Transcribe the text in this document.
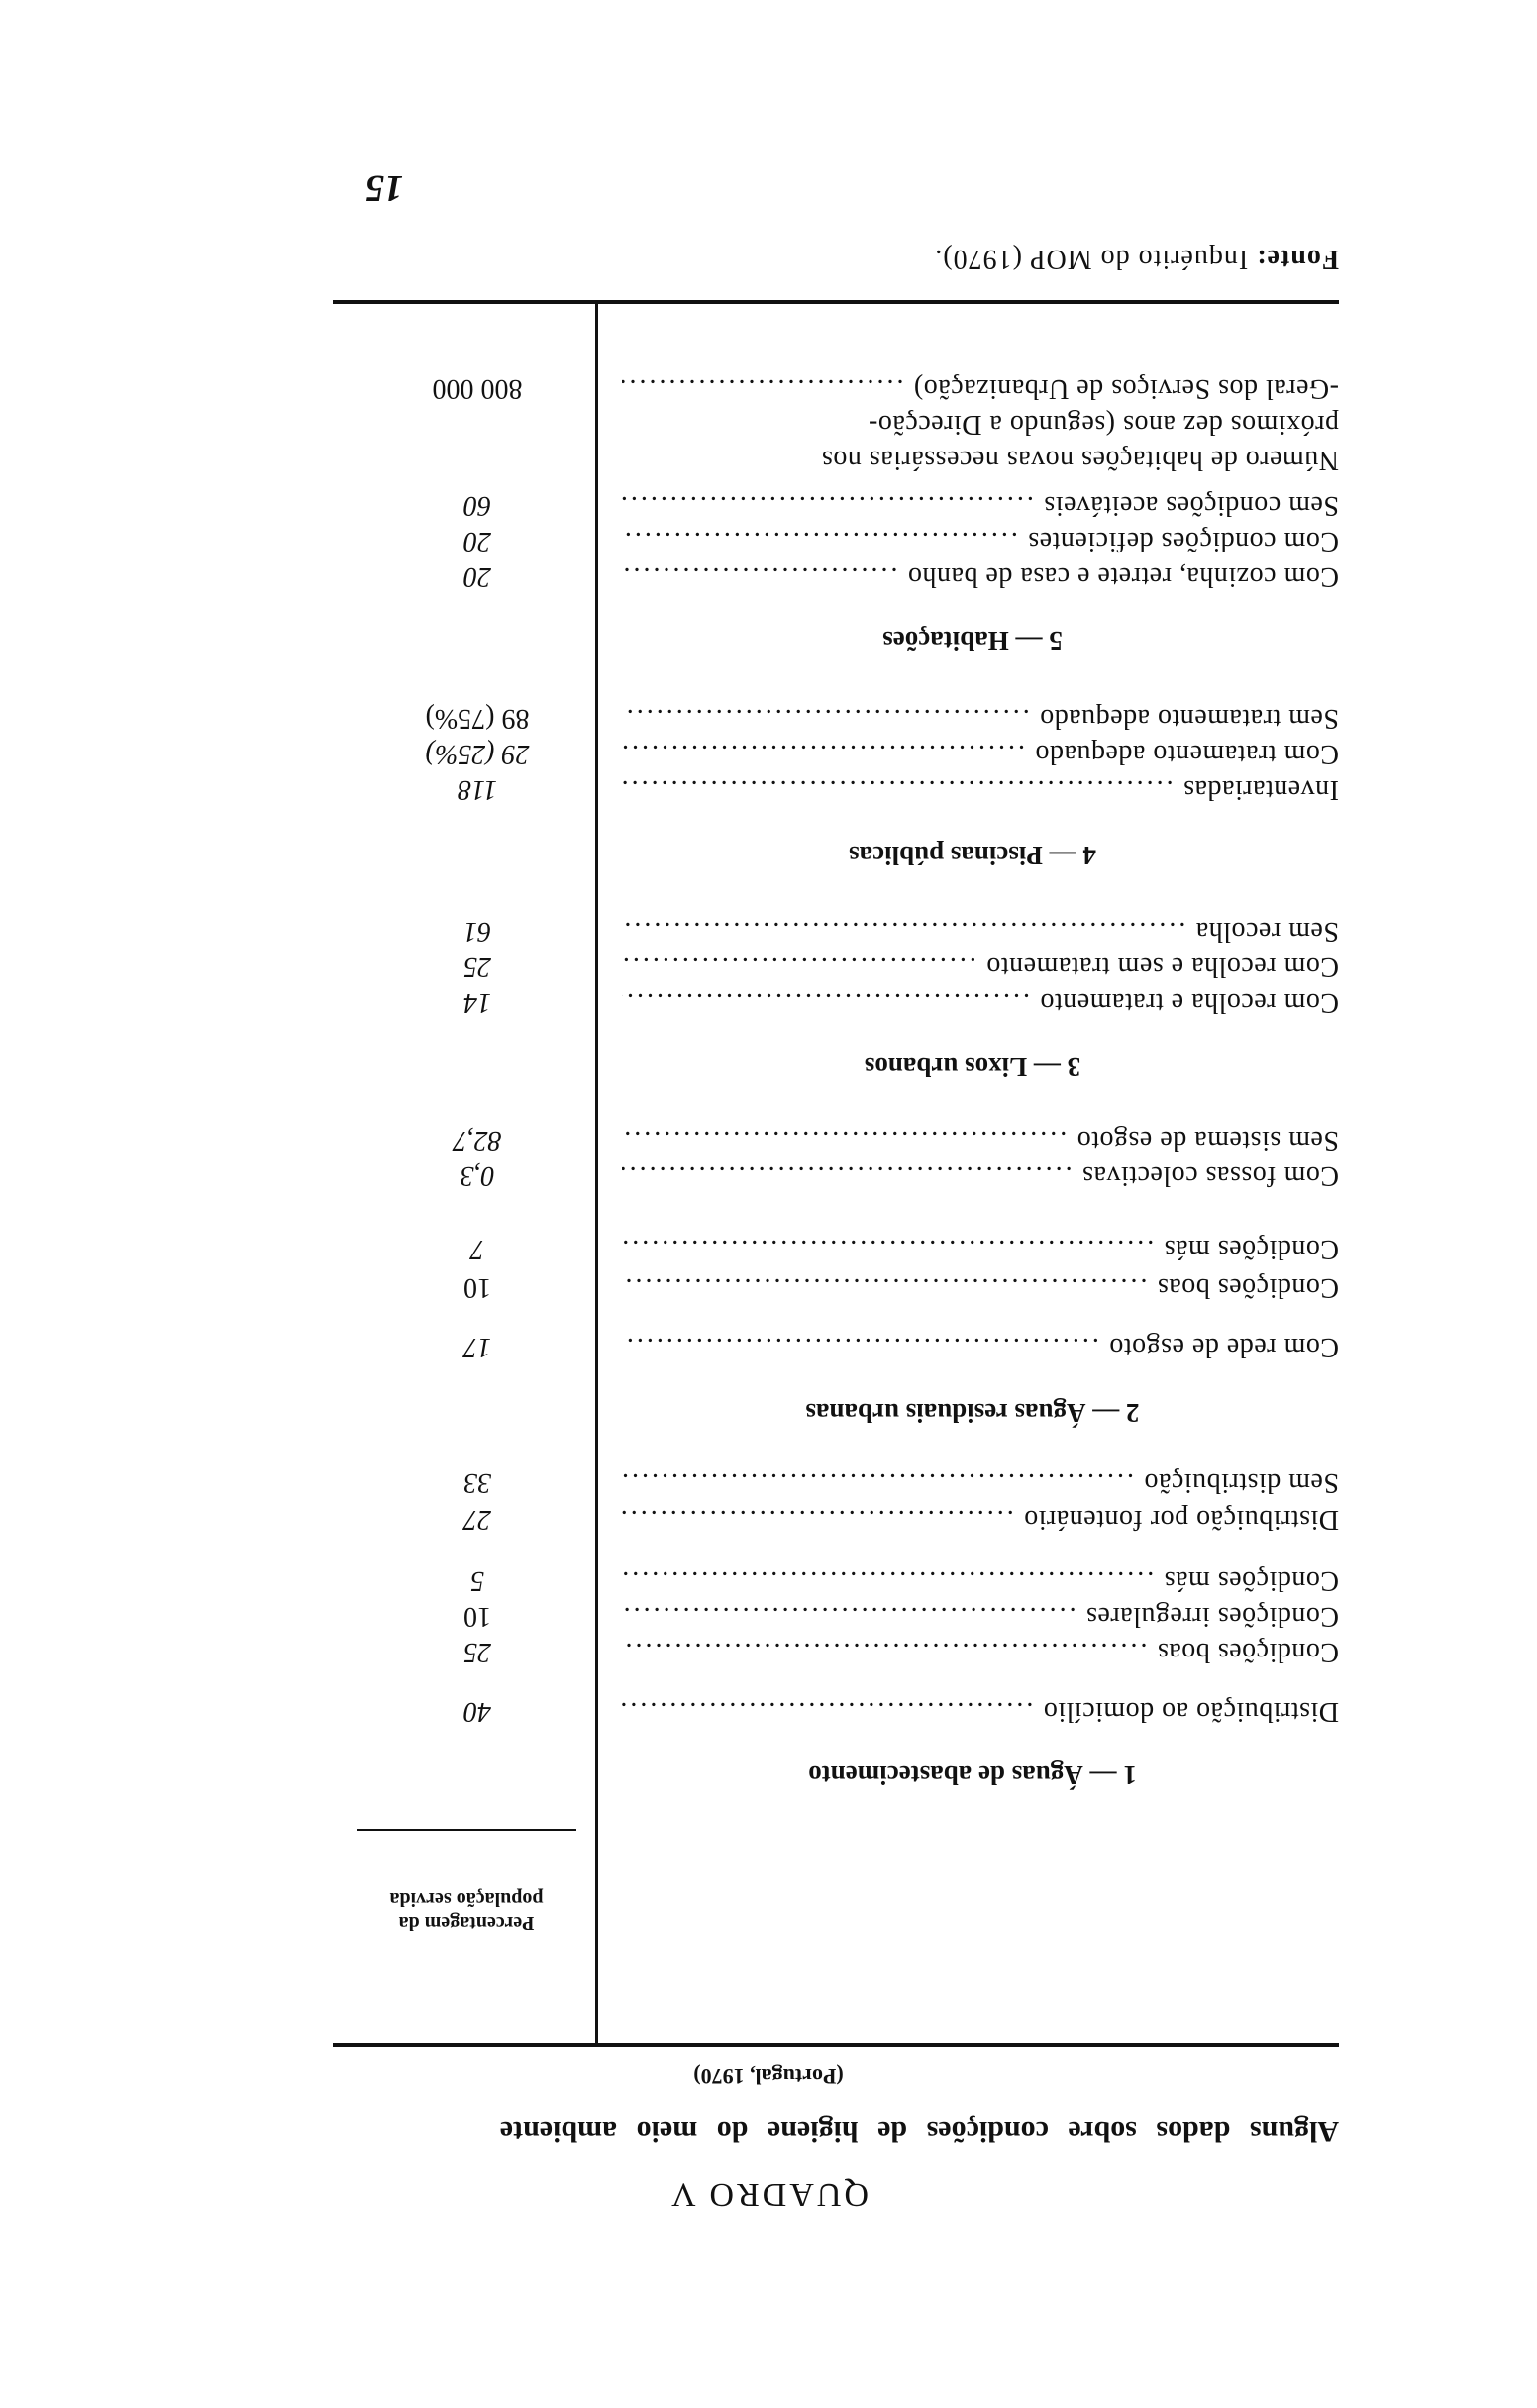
QUADRO V
Alguns dados sobre condições de higiene do meio ambiente
(Portugal, 1970)
Percentagem da população servida
1 — Águas de abastecimento
Distribuição ao domicílio .....
40
Condições boas .....
25
Condições irregulares .....
10
Condições más .....
5
Distribuição por fontenário .....
27
Sem distribuição .....
33
2 — Águas residuais urbanas
Com rede de esgoto .....
17
Condições boas .....
10
Condições más .....
7
Com fossas colectivas .....
0,3
Sem sistema de esgoto .....
82,7
3 — Lixos urbanos
Com recolha e tratamento .....
14
Com recolha e sem tratamento .....
25
Sem recolha .....
61
4 — Piscinas públicas
Inventariadas .....
118
Com tratamento adequado .....
29 (25%)
Sem tratamento adequado .....
89 (75%)
5 — Habitações
Com cozinha, retrete e casa de banho .....
20
Com condições deficientes .....
20
Sem condições aceitáveis .....
60
Número de habitações novas necessárias nos
próximos dez anos (segundo a Direcção-
-Geral dos Serviços de Urbanização) .....
800 000
Fonte: Inquérito do MOP (1970).
15
